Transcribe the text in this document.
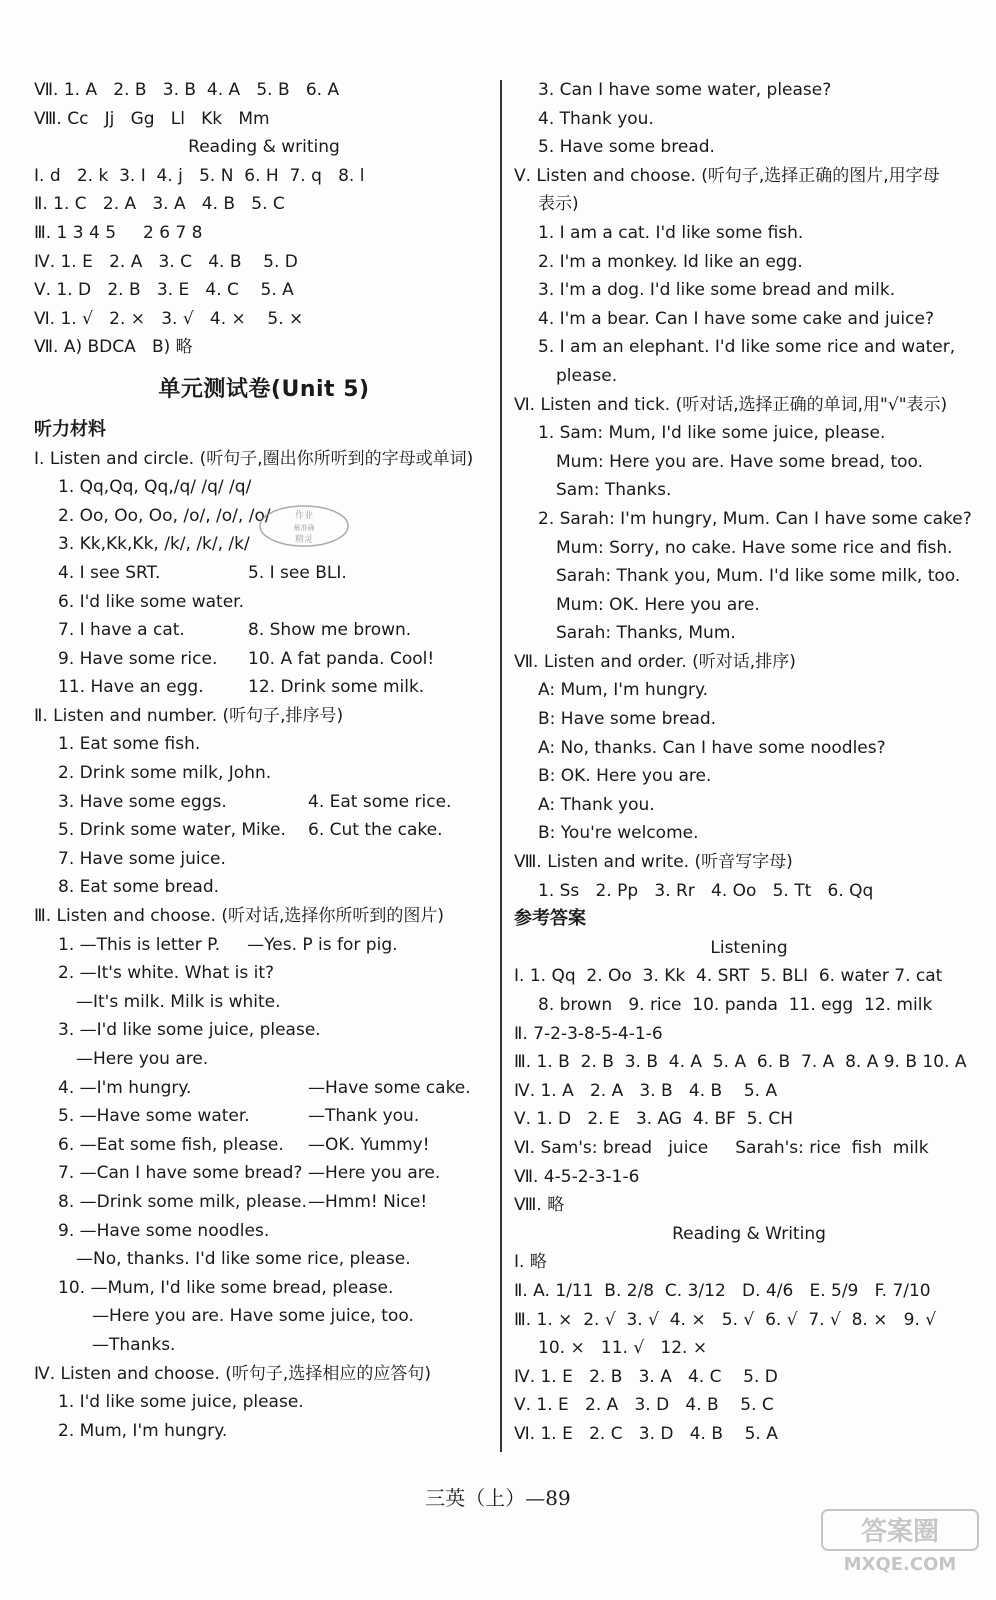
Ⅶ. 1. A   2. B   3. B  4. A   5. B   6. A
Ⅷ. Cc   Jj   Gg   Ll   Kk   Mm
Reading & writing
Ⅰ. d   2. k  3. I  4. j   5. N  6. H  7. q   8. l
Ⅱ. 1. C   2. A   3. A   4. B   5. C
Ⅲ. 1 3 4 5     2 6 7 8
Ⅳ. 1. E   2. A   3. C   4. B    5. D
Ⅴ. 1. D   2. B   3. E   4. C    5. A
Ⅵ. 1. √   2. ×   3. √   4. ×    5. ×
Ⅶ. A) BDCA   B) 略
单元测试卷(Unit 5)
听力材料
Ⅰ. Listen and circle. (听句子,圈出你所听到的字母或单词)
1. Qq,Qq, Qq,/q/ /q/ /q/
2. Oo, Oo, Oo, /o/, /o/, /o/
3. Kk,Kk,Kk, /k/, /k/, /k/
4. I see SRT.	5. I see BLI.
6. I'd like some water.
7. I have a cat.	8. Show me brown.
9. Have some rice.	10. A fat panda. Cool!
11. Have an egg.	12. Drink some milk.
Ⅱ. Listen and number. (听句子,排序号)
1. Eat some fish.
2. Drink some milk, John.
3. Have some eggs.	4. Eat some rice.
5. Drink some water, Mike.	6. Cut the cake.
7. Have some juice.
8. Eat some bread.
Ⅲ. Listen and choose. (听对话,选择你所听到的图片)
1. —This is letter P.     —Yes. P is for pig.
2. —It's white. What is it?
—It's milk. Milk is white.
3. —I'd like some juice, please.
—Here you are.
4. —I'm hungry.	—Have some cake.
5. —Have some water.	—Thank you.
6. —Eat some fish, please.	—OK. Yummy!
7. —Can I have some bread? —Here you are.
8. —Drink some milk, please. —Hmm! Nice!
9. —Have some noodles.
—No, thanks. I'd like some rice, please.
10. —Mum, I'd like some bread, please.
—Here you are. Have some juice, too.
—Thanks.
Ⅳ. Listen and choose. (听句子,选择相应的应答句)
1. I'd like some juice, please.
2. Mum, I'm hungry.
3. Can I have some water, please?
4. Thank you.
5. Have some bread.
Ⅴ. Listen and choose. (听句子,选择正确的图片,用字母
表示)
1. I am a cat. I'd like some fish.
2. I'm a monkey. Id like an egg.
3. I'm a dog. I'd like some bread and milk.
4. I'm a bear. Can I have some cake and juice?
5. I am an elephant. I'd like some rice and water,
please.
Ⅵ. Listen and tick. (听对话,选择正确的单词,用"√"表示)
1. Sam: Mum, I'd like some juice, please.
Mum: Here you are. Have some bread, too.
Sam: Thanks.
2. Sarah: I'm hungry, Mum. Can I have some cake?
Mum: Sorry, no cake. Have some rice and fish.
Sarah: Thank you, Mum. I'd like some milk, too.
Mum: OK. Here you are.
Sarah: Thanks, Mum.
Ⅶ. Listen and order. (听对话,排序)
A: Mum, I'm hungry.
B: Have some bread.
A: No, thanks. Can I have some noodles?
B: OK. Here you are.
A: Thank you.
B: You're welcome.
Ⅷ. Listen and write. (听音写字母)
1. Ss   2. Pp   3. Rr   4. Oo   5. Tt   6. Qq
参考答案
Listening
Ⅰ. 1. Qq  2. Oo  3. Kk  4. SRT  5. BLI  6. water 7. cat
8. brown   9. rice  10. panda  11. egg  12. milk
Ⅱ. 7-2-3-8-5-4-1-6
Ⅲ. 1. B  2. B  3. B  4. A  5. A  6. B  7. A  8. A 9. B 10. A
Ⅳ. 1. A   2. A   3. B   4. B    5. A
Ⅴ. 1. D   2. E   3. AG  4. BF  5. CH
Ⅵ. Sam's: bread   juice     Sarah's: rice  fish  milk
Ⅶ. 4-5-2-3-1-6
Ⅷ. 略
Reading & Writing
Ⅰ. 略
Ⅱ. A. 1/11  B. 2/8  C. 3/12   D. 4/6   E. 5/9   F. 7/10
Ⅲ. 1. ×  2. √  3. √  4. ×   5. √  6. √  7. √  8. ×   9. √
10. ×   11. √   12. ×
Ⅳ. 1. E   2. B   3. A   4. C    5. D
Ⅴ. 1. E   2. A   3. D   4. B    5. C
Ⅵ. 1. E   2. C   3. D   4. B    5. A
三英（上）—89
作业
最准确
精灵
答案圈
MXQE.COM
